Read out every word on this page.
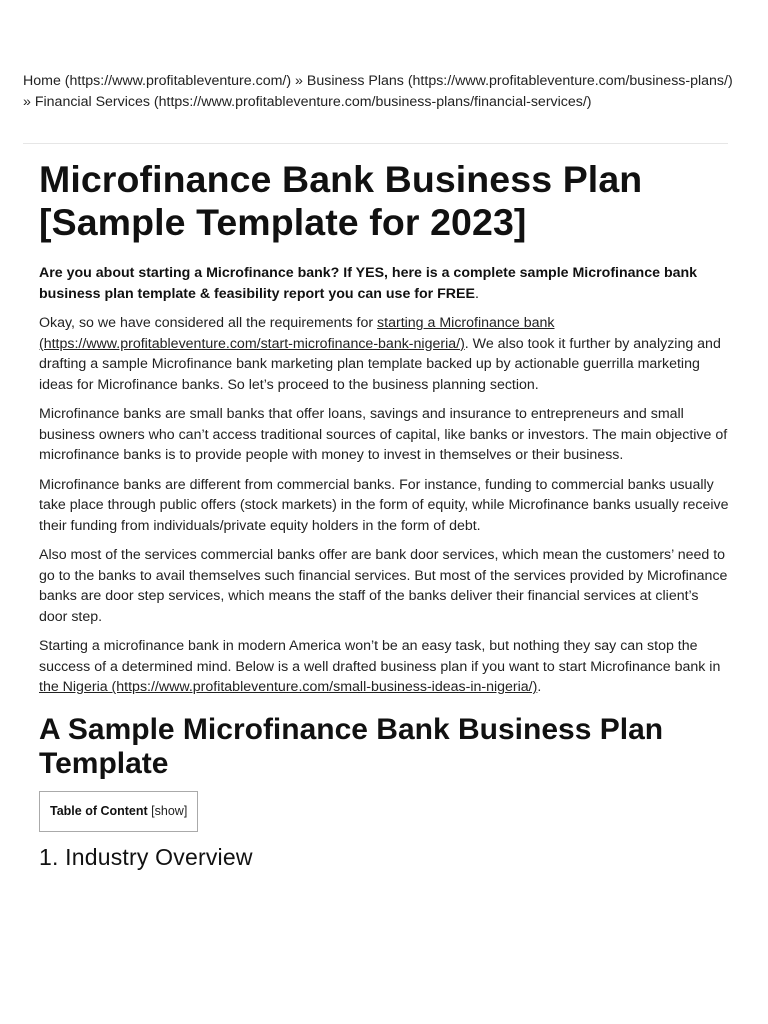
Home (https://www.profitableventure.com/) » Business Plans (https://www.profitableventure.com/business-plans/) » Financial Services (https://www.profitableventure.com/business-plans/financial-services/)
Microfinance Bank Business Plan [Sample Template for 2023]

Are you about starting a Microfinance bank? If YES, here is a complete sample Microfinance bank business plan template & feasibility report you can use for FREE.

Okay, so we have considered all the requirements for starting a Microfinance bank (https://www.profitableventure.com/start-microfinance-bank-nigeria/). We also took it further by analyzing and drafting a sample Microfinance bank marketing plan template backed up by actionable guerrilla marketing ideas for Microfinance banks. So let’s proceed to the business planning section.

Microfinance banks are small banks that offer loans, savings and insurance to entrepreneurs and small business owners who can’t access traditional sources of capital, like banks or investors. The main objective of microfinance banks is to provide people with money to invest in themselves or their business.

Microfinance banks are different from commercial banks. For instance, funding to commercial banks usually take place through public offers (stock markets) in the form of equity, while Microfinance banks usually receive their funding from individuals/private equity holders in the form of debt.

Also most of the services commercial banks offer are bank door services, which mean the customers’ need to go to the banks to avail themselves such financial services. But most of the services provided by Microfinance banks are door step services, which means the staff of the banks deliver their financial services at client’s door step.

Starting a microfinance bank in modern America won’t be an easy task, but nothing they say can stop the success of a determined mind. Below is a well drafted business plan if you want to start Microfinance bank in the Nigeria (https://www.profitableventure.com/small-business-ideas-in-nigeria/).

A Sample Microfinance Bank Business Plan Template
Table of Content [show]
1. Industry Overview
